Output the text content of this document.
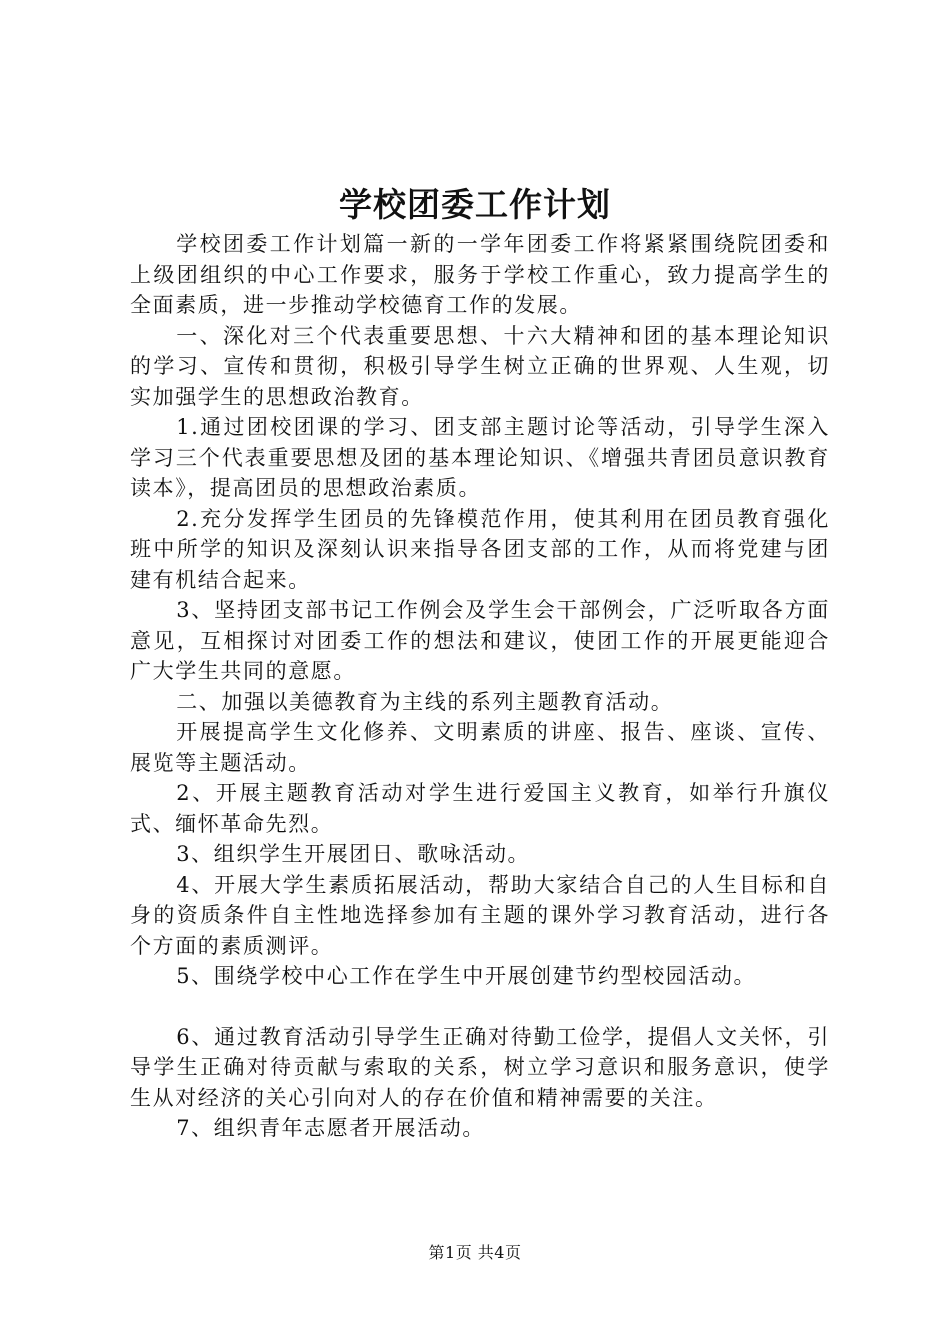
学校团委工作计划

学校团委工作计划篇一新的一学年团委工作将紧紧围绕院团委和上级团组织的中心工作要求，服务于学校工作重心，致力提高学生的全面素质，进一步推动学校德育工作的发展。

一、深化对三个代表重要思想、十六大精神和团的基本理论知识的学习、宣传和贯彻，积极引导学生树立正确的世界观、人生观，切实加强学生的思想政治教育。

1.通过团校团课的学习、团支部主题讨论等活动，引导学生深入学习三个代表重要思想及团的基本理论知识、《增强共青团员意识教育读本》，提高团员的思想政治素质。

2.充分发挥学生团员的先锋模范作用，使其利用在团员教育强化班中所学的知识及深刻认识来指导各团支部的工作，从而将党建与团建有机结合起来。

3、坚持团支部书记工作例会及学生会干部例会，广泛听取各方面意见，互相探讨对团委工作的想法和建议，使团工作的开展更能迎合广大学生共同的意愿。

二、加强以美德教育为主线的系列主题教育活动。

开展提高学生文化修养、文明素质的讲座、报告、座谈、宣传、展览等主题活动。

2、开展主题教育活动对学生进行爱国主义教育，如举行升旗仪式、缅怀革命先烈。

3、组织学生开展团日、歌咏活动。

4、开展大学生素质拓展活动，帮助大家结合自己的人生目标和自身的资质条件自主性地选择参加有主题的课外学习教育活动，进行各个方面的素质测评。

5、围绕学校中心工作在学生中开展创建节约型校园活动。

6、通过教育活动引导学生正确对待勤工俭学，提倡人文关怀，引导学生正确对待贡献与索取的关系，树立学习意识和服务意识，使学生从对经济的关心引向对人的存在价值和精神需要的关注。

7、组织青年志愿者开展活动。

第1页 共4页
